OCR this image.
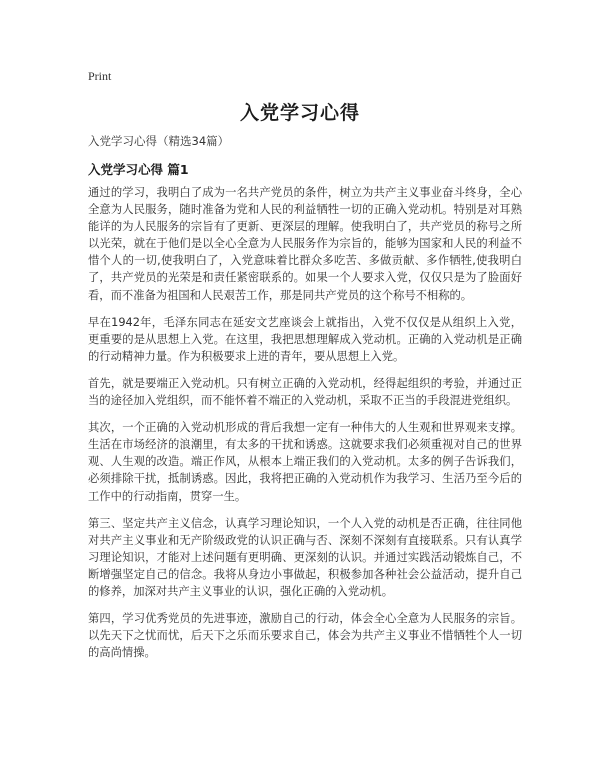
Print
入党学习心得
入党学习心得（精选34篇）
入党学习心得 篇1

通过的学习，我明白了成为一名共产党员的条件，树立为共产主义事业奋斗终身，全心全意为人民服务，随时准备为党和人民的利益牺牲一切的正确入党动机。特别是对耳熟能详的为人民服务的宗旨有了更新、更深层的理解。使我明白了，共产党员的称号之所以光荣，就在于他们是以全心全意为人民服务作为宗旨的，能够为国家和人民的利益不惜个人的一切,使我明白了，入党意味着比群众多吃苦、多做贡献、多作牺牲,使我明白了，共产党员的光荣是和责任紧密联系的。如果一个人要求入党，仅仅只是为了脸面好看，而不准备为祖国和人民艰苦工作，那是同共产党员的这个称号不相称的。

早在1942年，毛泽东同志在延安文艺座谈会上就指出，入党不仅仅是从组织上入党，更重要的是从思想上入党。在这里，我把思想理解成入党动机。正确的入党动机是正确的行动精神力量。作为积极要求上进的青年，要从思想上入党。

首先，就是要端正入党动机。只有树立正确的入党动机，经得起组织的考验，并通过正当的途径加入党组织，而不能怀着不端正的入党动机，采取不正当的手段混进党组织。

其次，一个正确的入党动机形成的背后我想一定有一种伟大的人生观和世界观来支撑。生活在市场经济的浪潮里，有太多的干扰和诱惑。这就要求我们必须重视对自己的世界观、人生观的改造。端正作风，从根本上端正我们的入党动机。太多的例子告诉我们，必须排除干扰，抵制诱惑。因此，我将把正确的入党动机作为我学习、生活乃至今后的工作中的行动指南，贯穿一生。

第三、坚定共产主义信念，认真学习理论知识，一个人入党的动机是否正确，往往同他对共产主义事业和无产阶级政党的认识正确与否、深刻不深刻有直接联系。只有认真学习理论知识，才能对上述问题有更明确、更深刻的认识。并通过实践活动锻炼自己，不断增强坚定自己的信念。我将从身边小事做起，积极参加各种社会公益活动，提升自己的修养，加深对共产主义事业的认识，强化正确的入党动机。

第四，学习优秀党员的先进事迹，激励自己的行动，体会全心全意为人民服务的宗旨。以先天下之忧而忧，后天下之乐而乐要求自己，体会为共产主义事业不惜牺牲个人一切的高尚情操。
